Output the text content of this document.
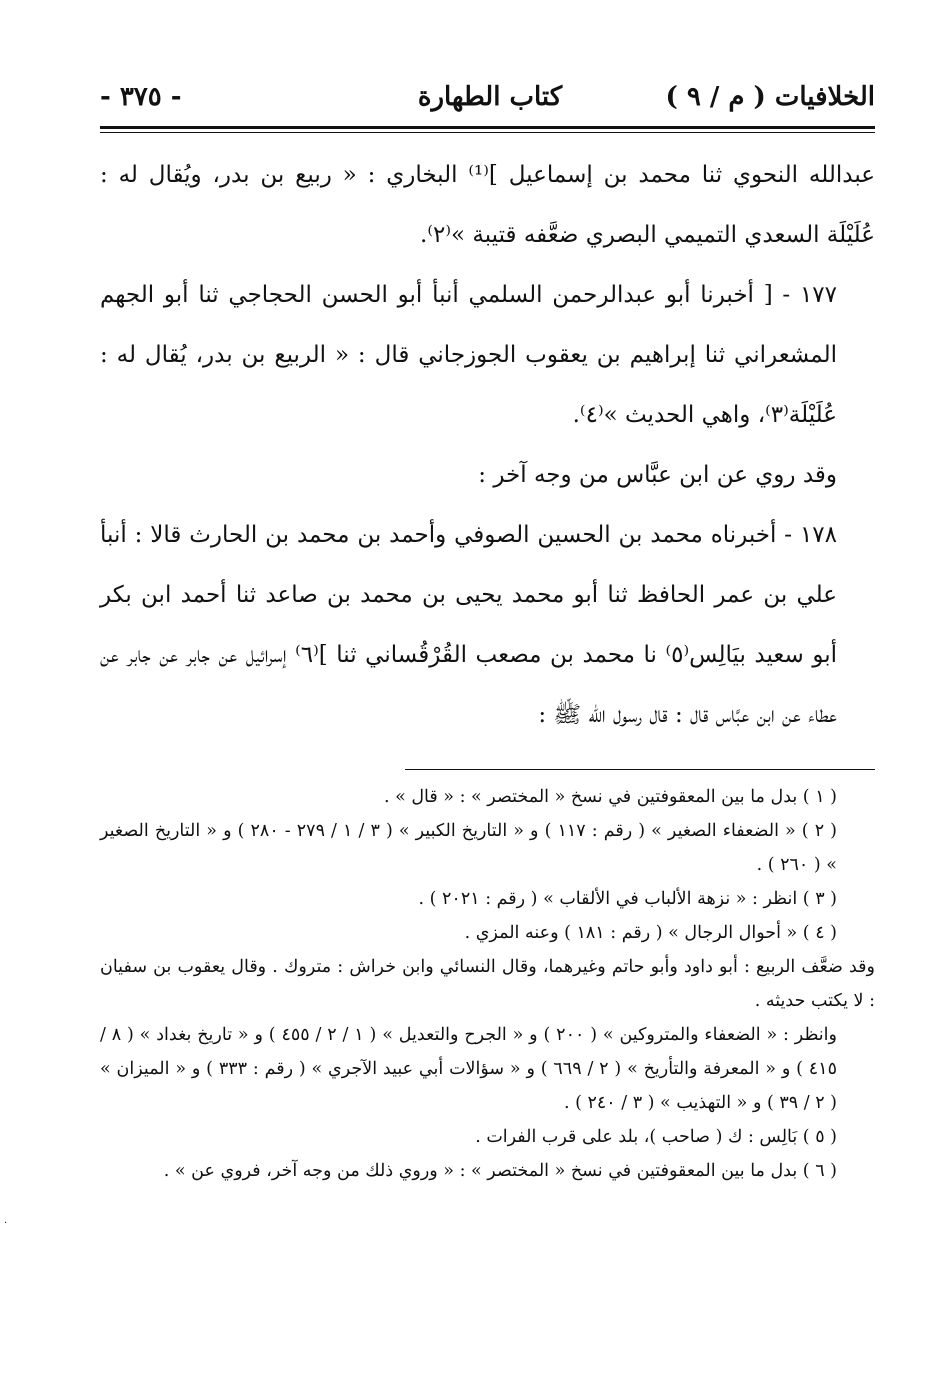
الخلافيات ( م / ٩ )
كتاب الطهارة
- ٣٧٥ -

عبدالله النحوي ثنا محمد بن إسماعيل ]⁽¹⁾ البخاري : « ربيع بن بدر، ويُقال له : عُلَيْلَة السعدي التميمي البصري ضعَّفه قتيبة »⁽٢⁾.

١٧٧ - [ أخبرنا أبو عبدالرحمن السلمي أنبأ أبو الحسن الحجاجي ثنا أبو الجهم المشعراني ثنا إبراهيم بن يعقوب الجوزجاني قال : « الربيع بن بدر، يُقال له : عُلَيْلَة⁽٣⁾، واهي الحديث »⁽٤⁾.

وقد روي عن ابن عبَّاس من وجه آخر :

١٧٨ - أخبرناه محمد بن الحسين الصوفي وأحمد بن محمد بن الحارث قالا : أنبأ علي بن عمر الحافظ ثنا أبو محمد يحيى بن محمد بن صاعد ثنا أحمد ابن بكر أبو سعيد بيَالِس⁽٥⁾ نا محمد بن مصعب القُرْقُساني ثنا ]⁽٦⁾ إسرائيل عن جابر عن جابر عن عطاء عن ابن عبَّاس قال : قال رسول الله ﷺ :

( ١ ) بدل ما بين المعقوفتين في نسخ « المختصر » : « قال » .

( ٢ ) « الضعفاء الصغير » ( رقم : ١١٧ ) و « التاريخ الكبير » ( ٣ / ١ / ٢٧٩ - ٢٨٠ ) و « التاريخ الصغير » ( ٢٦٠ ) .

( ٣ ) انظر : « نزهة الألباب في الألقاب » ( رقم : ٢٠٢١ ) .

( ٤ ) « أحوال الرجال » ( رقم : ١٨١ ) وعنه المزي .

وقد ضعَّف الربيع : أبو داود وأبو حاتم وغيرهما، وقال النسائي وابن خراش : متروك . وقال يعقوب بن سفيان : لا يكتب حديثه .

وانظر : « الضعفاء والمتروكين » ( ٢٠٠ ) و « الجرح والتعديل » ( ١ / ٢ / ٤٥٥ ) و « تاريخ بغداد » ( ٨ / ٤١٥ ) و « المعرفة والتأريخ » ( ٢ / ٦٦٩ ) و « سؤالات أبي عبيد الآجري » ( رقم : ٣٣٣ ) و « الميزان » ( ٢ / ٣٩ ) و « التهذيب » ( ٣ / ٢٤٠ ) .

( ٥ ) بَالِس : ك ( صاحب )، بلد على قرب الفرات .

( ٦ ) بدل ما بين المعقوفتين في نسخ « المختصر » : « وروي ذلك من وجه آخر، فروي عن » .

·
